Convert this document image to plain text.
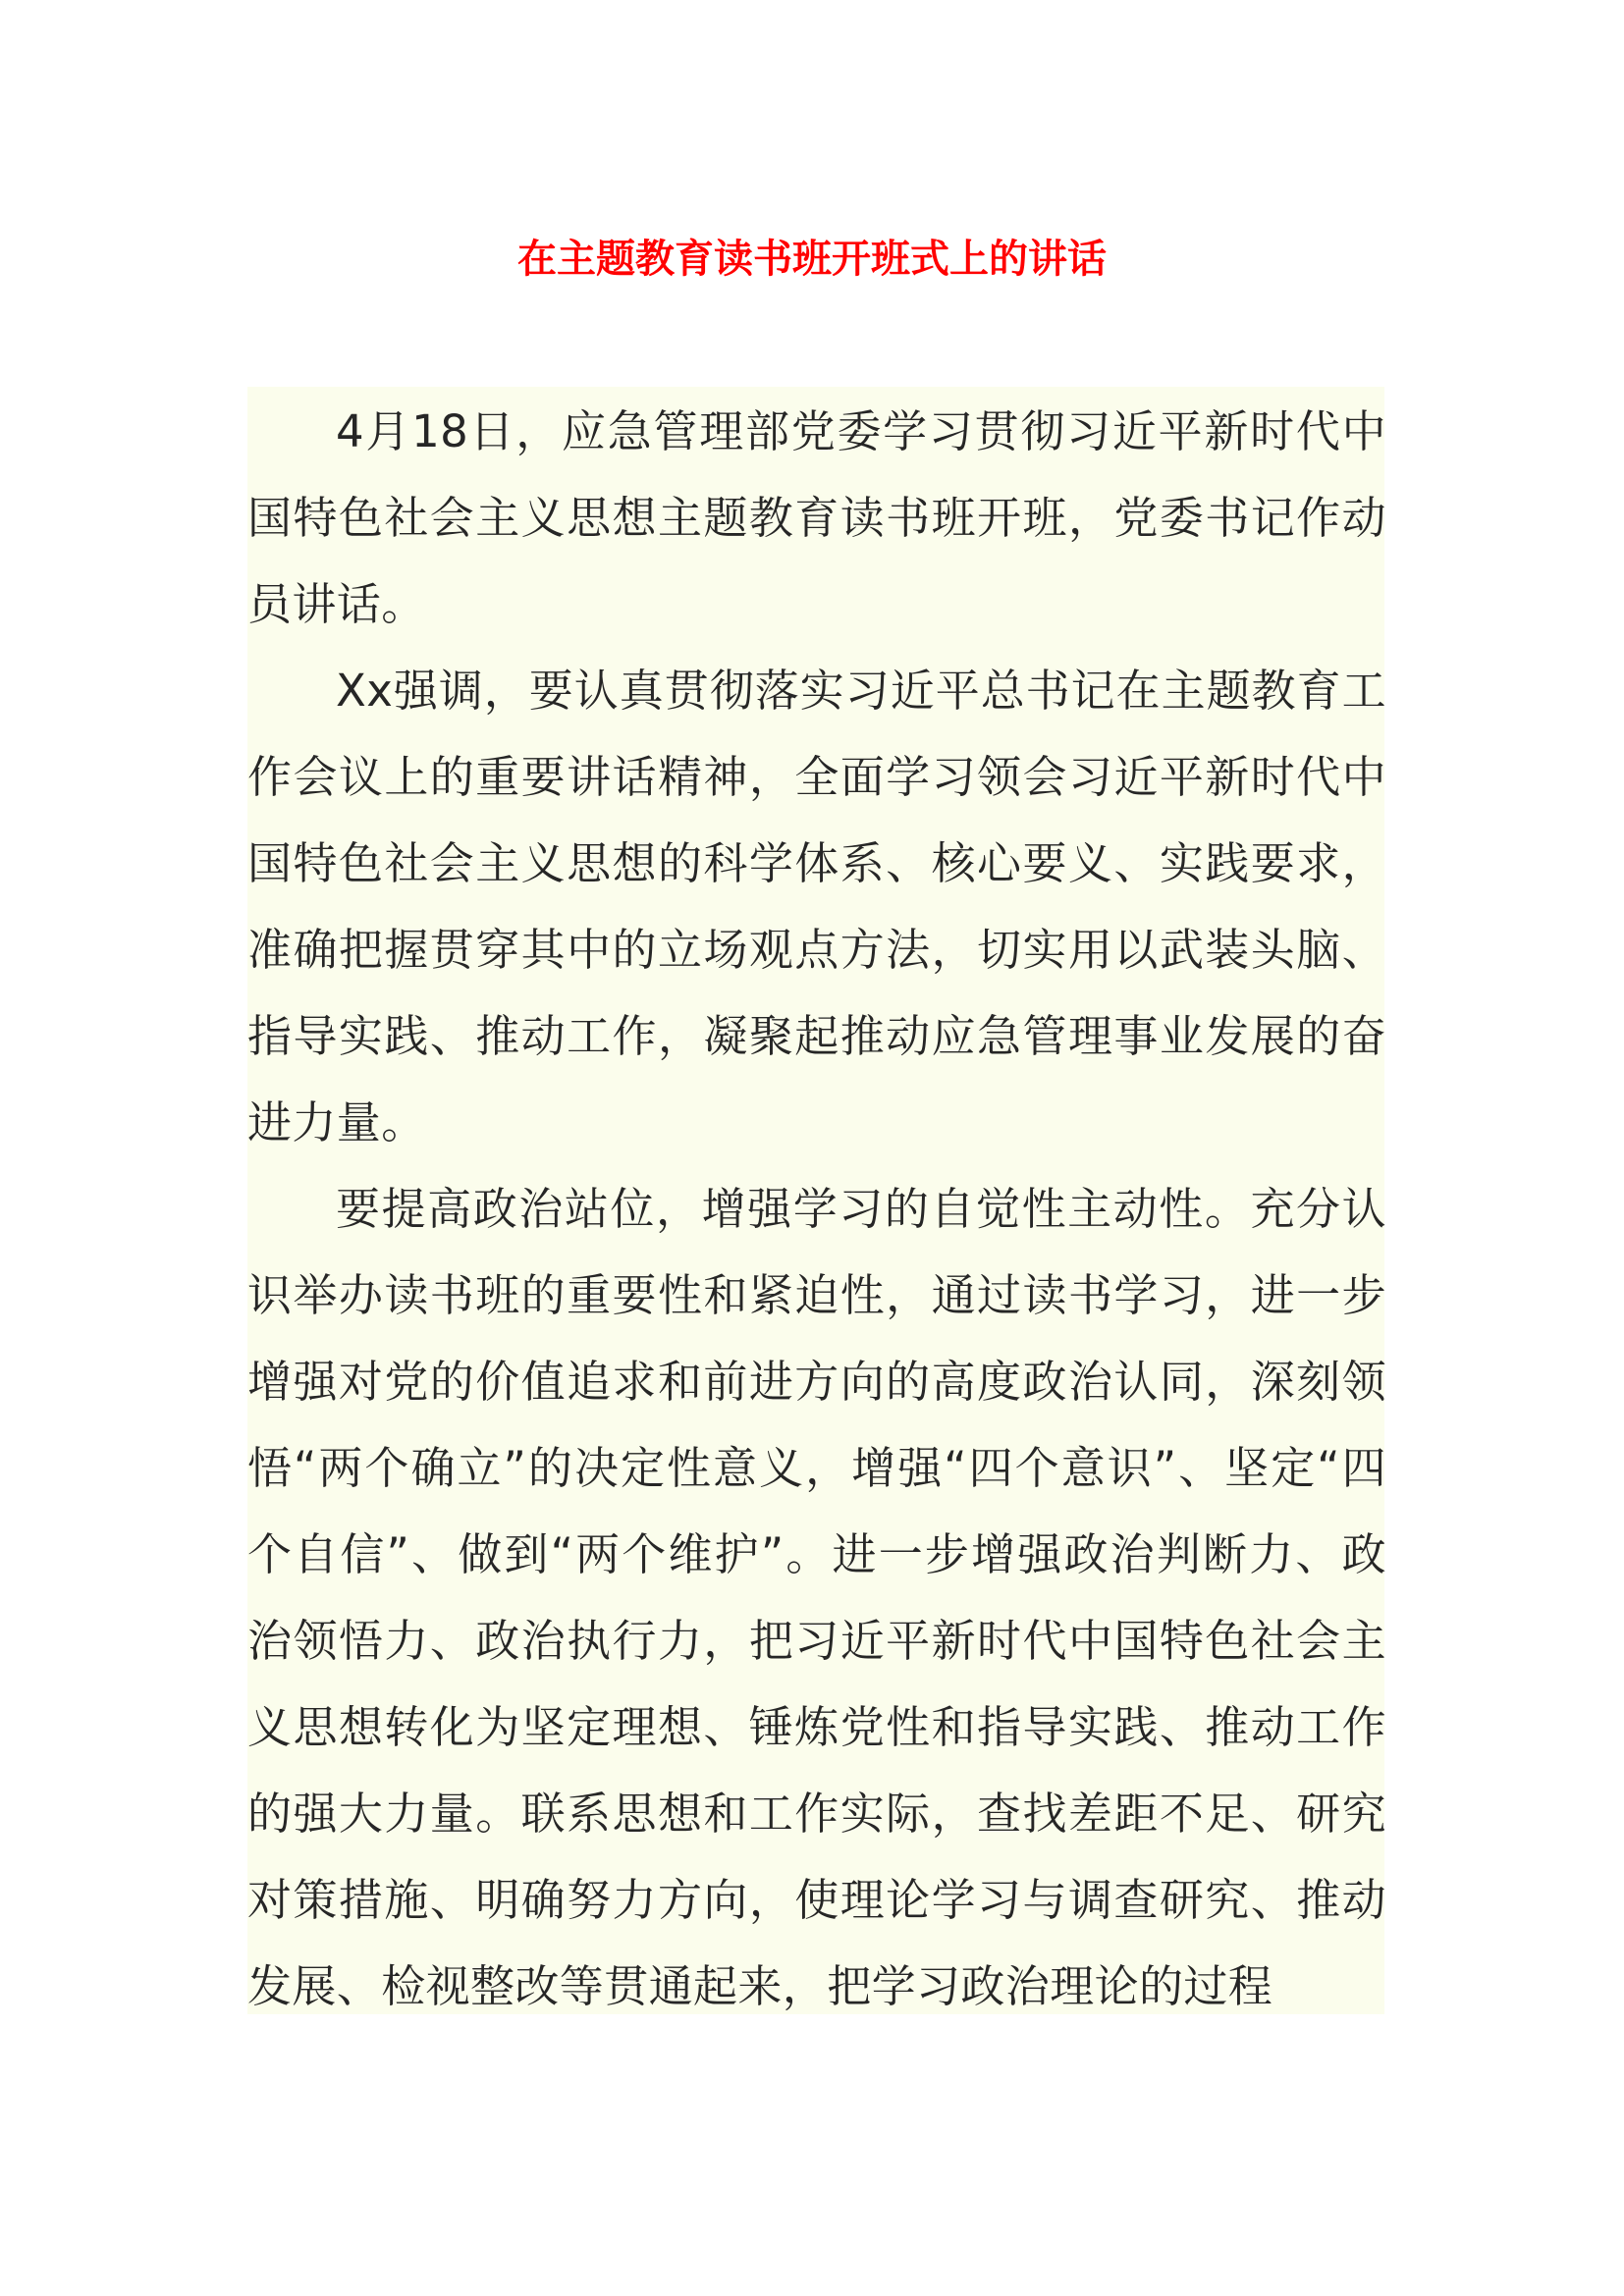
在主题教育读书班开班式上的讲话

4月18日，应急管理部党委学习贯彻习近平新时代中国特色社会主义思想主题教育读书班开班，党委书记作动员讲话。

Xx强调，要认真贯彻落实习近平总书记在主题教育工作会议上的重要讲话精神，全面学习领会习近平新时代中国特色社会主义思想的科学体系、核心要义、实践要求，准确把握贯穿其中的立场观点方法，切实用以武装头脑、指导实践、推动工作，凝聚起推动应急管理事业发展的奋进力量。

要提高政治站位，增强学习的自觉性主动性。充分认识举办读书班的重要性和紧迫性，通过读书学习，进一步增强对党的价值追求和前进方向的高度政治认同，深刻领悟“两个确立”的决定性意义，增强“四个意识”、坚定“四个自信”、做到“两个维护”。进一步增强政治判断力、政治领悟力、政治执行力，把习近平新时代中国特色社会主义思想转化为坚定理想、锤炼党性和指导实践、推动工作的强大力量。联系思想和工作实际，查找差距不足、研究对策措施、明确努力方向，使理论学习与调查研究、推动发展、检视整改等贯通起来，把学习政治理论的过程
